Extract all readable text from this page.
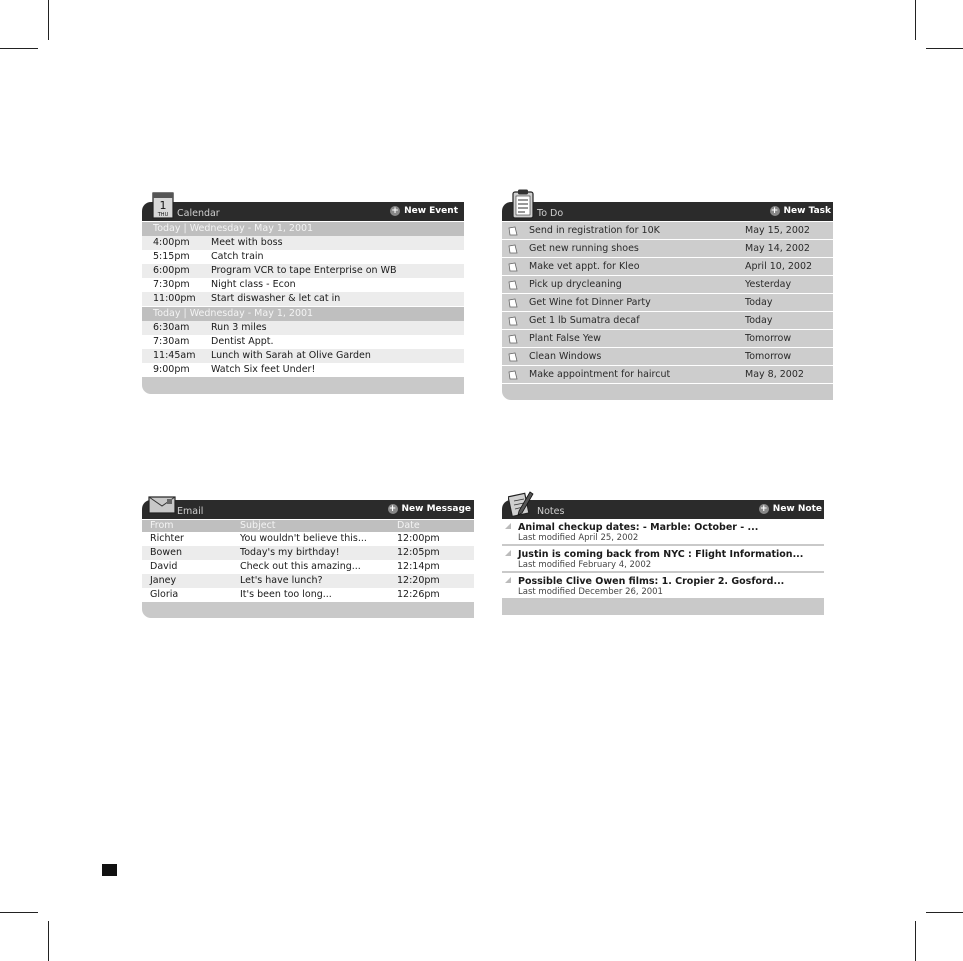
1
THU Calendar	+ New Event
Today | Wednesday - May 1, 2001
4:00pm	Meet with boss
5:15pm	Catch train
6:00pm	Program VCR to tape Enterprise on WB
7:30pm	Night class - Econ
11:00pm	Start diswasher & let cat in
Today | Wednesday - May 1, 2001
6:30am	Run 3 miles
7:30am	Dentist Appt.
11:45am	Lunch with Sarah at Olive Garden
9:00pm	Watch Six feet Under!
To Do	+ New Task
Send in registration for 10K	May 15, 2002
Get new running shoes	May 14, 2002
Make vet appt. for Kleo	April 10, 2002
Pick up drycleaning	Yesterday
Get Wine fot Dinner Party	Today
Get 1 lb Sumatra decaf	Today
Plant False Yew	Tomorrow
Clean Windows	Tomorrow
Make appointment for haircut	May 8, 2002
Email	+ New Message
From	Subject	Date
Richter	You wouldn't believe this...	12:00pm
Bowen	Today's my birthday!	12:05pm
David	Check out this amazing...	12:14pm
Janey	Let's have lunch?	12:20pm
Gloria	It's been too long...	12:26pm
Notes	+ New Note
Animal checkup dates: - Marble: October - ...
Last modified April 25, 2002
Justin is coming back from NYC : Flight Information...
Last modified February 4, 2002
Possible Clive Owen films: 1. Cropier 2. Gosford...
Last modified December 26, 2001
